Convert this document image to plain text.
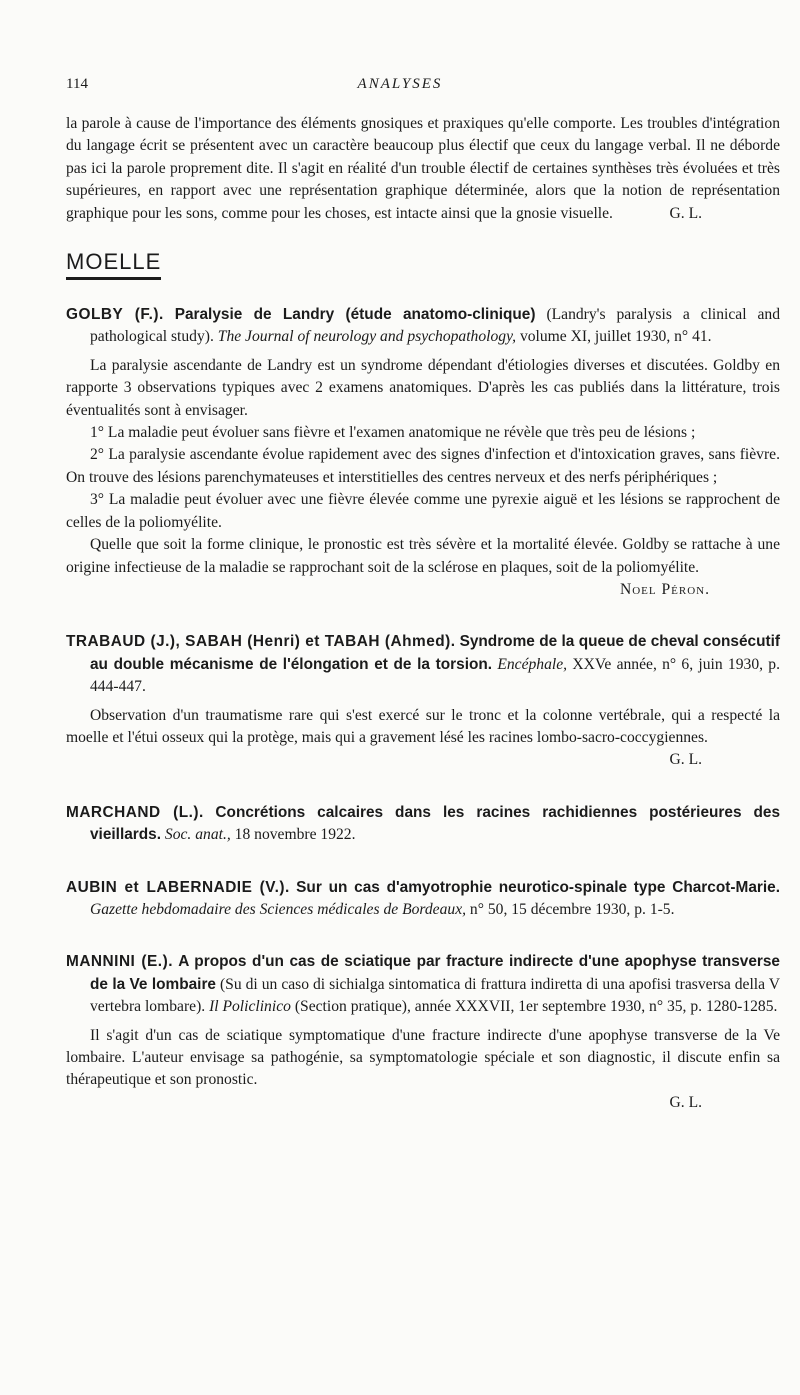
114	ANALYSES

la parole à cause de l'importance des éléments gnosiques et praxiques qu'elle comporte. Les troubles d'intégration du langage écrit se présentent avec un caractère beaucoup plus électif que ceux du langage verbal. Il ne déborde pas ici la parole proprement dite. Il s'agit en réalité d'un trouble électif de certaines synthèses très évoluées et très supérieures, en rapport avec une représentation graphique déterminée, alors que la notion de représentation graphique pour les sons, comme pour les choses, est intacte ainsi que la gnosie visuelle.	G. L.

MOELLE

GOLBY (F.). Paralysie de Landry (étude anatomo-clinique) (Landry's paralysis a clinical and pathological study). The Journal of neurology and psychopathology, volume XI, juillet 1930, n° 41.

La paralysie ascendante de Landry est un syndrome dépendant d'étiologies diverses et discutées. Goldby en rapporte 3 observations typiques avec 2 examens anatomiques. D'après les cas publiés dans la littérature, trois éventualités sont à envisager.

1° La maladie peut évoluer sans fièvre et l'examen anatomique ne révèle que très peu de lésions ;

2° La paralysie ascendante évolue rapidement avec des signes d'infection et d'intoxication graves, sans fièvre. On trouve des lésions parenchymateuses et interstitielles des centres nerveux et des nerfs périphériques ;

3° La maladie peut évoluer avec une fièvre élevée comme une pyrexie aiguë et les lésions se rapprochent de celles de la poliomyélite.

Quelle que soit la forme clinique, le pronostic est très sévère et la mortalité élevée. Goldby se rattache à une origine infectieuse de la maladie se rapprochant soit de la sclérose en plaques, soit de la poliomyélite.
Noel Péron.

TRABAUD (J.), SABAH (Henri) et TABAH (Ahmed). Syndrome de la queue de cheval consécutif au double mécanisme de l'élongation et de la torsion. Encéphale, XXVe année, n° 6, juin 1930, p. 444-447.

Observation d'un traumatisme rare qui s'est exercé sur le tronc et la colonne vertébrale, qui a respecté la moelle et l'étui osseux qui la protège, mais qui a gravement lésé les racines lombo-sacro-coccygiennes.
G. L.

MARCHAND (L.). Concrétions calcaires dans les racines rachidiennes postérieures des vieillards. Soc. anat., 18 novembre 1922.

AUBIN et LABERNADIE (V.). Sur un cas d'amyotrophie neurotico-spinale type Charcot-Marie. Gazette hebdomadaire des Sciences médicales de Bordeaux, n° 50, 15 décembre 1930, p. 1-5.

MANNINI (E.). A propos d'un cas de sciatique par fracture indirecte d'une apophyse transverse de la Ve lombaire (Su di un caso di sichialga sintomatica di frattura indiretta di una apofisi trasversa della V vertebra lombare). Il Policlinico (Section pratique), année XXXVII, 1er septembre 1930, n° 35, p. 1280-1285.

Il s'agit d'un cas de sciatique symptomatique d'une fracture indirecte d'une apophyse transverse de la Ve lombaire. L'auteur envisage sa pathogénie, sa symptomatologie spéciale et son diagnostic, il discute enfin sa thérapeutique et son pronostic.

G. L.
